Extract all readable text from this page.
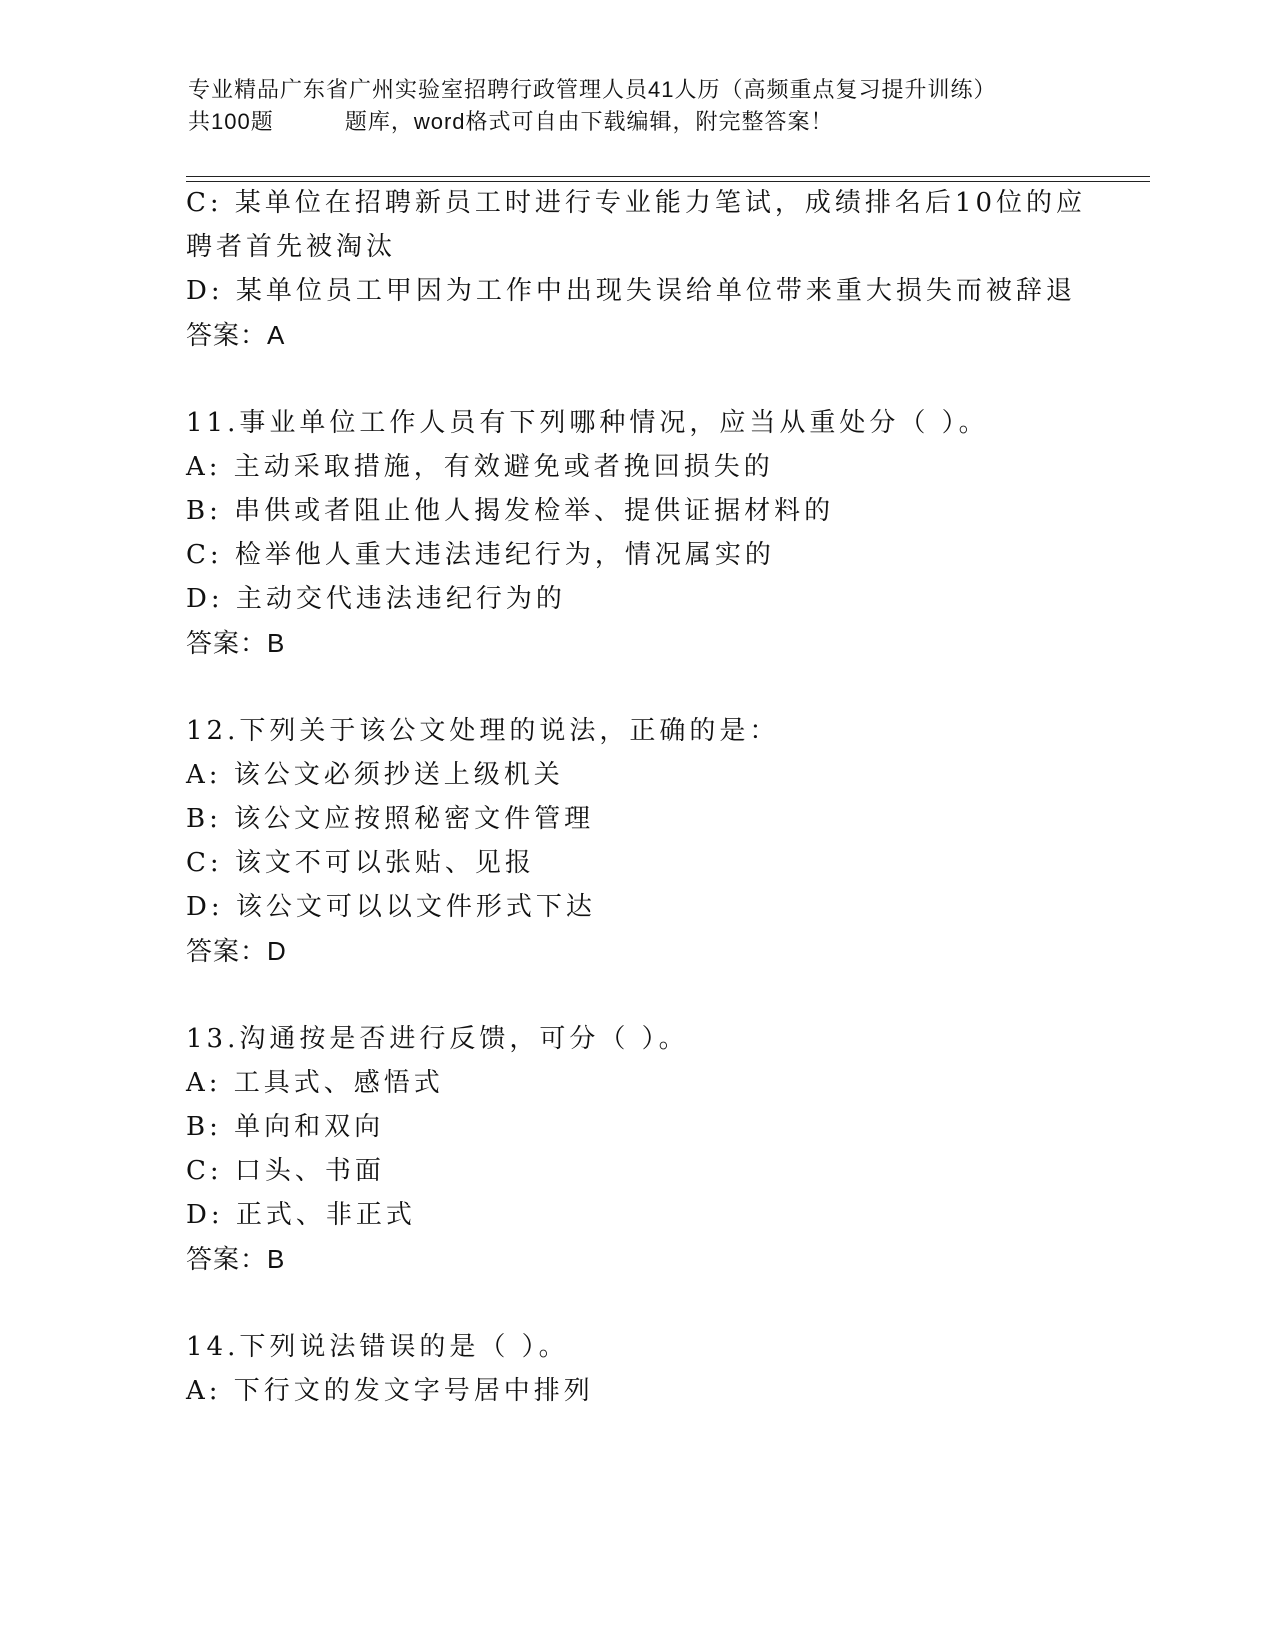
专业精品广东省广州实验室招聘行政管理人员41人历（高频重点复习提升训练）
共100题          题库，word格式可自由下载编辑，附完整答案！
C: 某单位在招聘新员工时进行专业能力笔试，成绩排名后10位的应
聘者首先被淘汰
D: 某单位员工甲因为工作中出现失误给单位带来重大损失而被辞退
答案：A
11.事业单位工作人员有下列哪种情况，应当从重处分（ ）。
A: 主动采取措施，有效避免或者挽回损失的
B: 串供或者阻止他人揭发检举、提供证据材料的
C: 检举他人重大违法违纪行为，情况属实的
D: 主动交代违法违纪行为的
答案：B
12.下列关于该公文处理的说法，正确的是：
A: 该公文必须抄送上级机关
B: 该公文应按照秘密文件管理
C: 该文不可以张贴、见报
D: 该公文可以以文件形式下达
答案：D
13.沟通按是否进行反馈，可分（ ）。
A: 工具式、感悟式
B: 单向和双向
C: 口头、书面
D: 正式、非正式
答案：B
14.下列说法错误的是（ ）。
A: 下行文的发文字号居中排列
